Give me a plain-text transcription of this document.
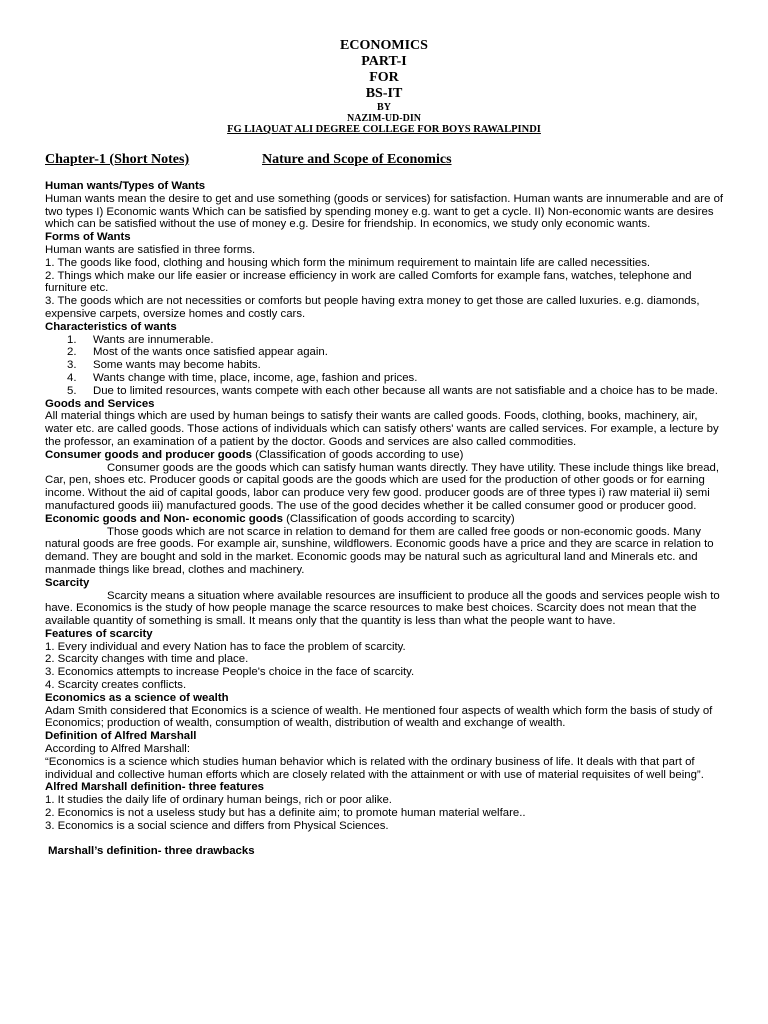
ECONOMICS
PART-I
FOR
BS-IT
BY
NAZIM-UD-DIN
FG LIAQUAT ALI DEGREE COLLEGE FOR BOYS RAWALPINDI
Chapter-1 (Short Notes)	Nature and Scope of Economics

Human wants/Types of Wants

Human wants mean the desire to get and use something (goods or services) for satisfaction. Human wants are innumerable and are of two types I) Economic wants Which can be satisfied by spending money e.g. want to get a cycle. II) Non-economic wants are desires which can be satisfied without the use of money e.g. Desire for friendship. In economics, we study only economic wants.

Forms of Wants

Human wants are satisfied in three forms.

1. The goods like food, clothing and housing which form the minimum requirement to maintain life are called necessities.

2. Things which make our life easier or increase efficiency in work are called Comforts for example fans, watches, telephone and furniture etc.

3. The goods which are not necessities or comforts but people having extra money to get those are called luxuries. e.g. diamonds, expensive carpets, oversize homes and costly cars.

Characteristics of wants

1. Wants are innumerable.
2. Most of the wants once satisfied appear again.
3. Some wants may become habits.
4. Wants change with time, place, income, age, fashion and prices.
5. Due to limited resources, wants compete with each other because all wants are not satisfiable and a choice has to be made.

Goods and Services

All material things which are used by human beings to satisfy their wants are called goods. Foods, clothing, books, machinery, air, water etc. are called goods. Those actions of individuals which can satisfy others' wants are called services. For example, a lecture by the professor, an examination of a patient by the doctor. Goods and services are also called commodities.

Consumer goods and producer goods (Classification of goods according to use)

Consumer goods are the goods which can satisfy human wants directly. They have utility. These include things like bread, Car, pen, shoes etc. Producer goods or capital goods are the goods which are used for the production of other goods or for earning income. Without the aid of capital goods, labor can produce very few good. producer goods are of three types i) raw material ii) semi manufactured goods iii) manufactured goods. The use of the good decides whether it be called consumer good or producer good.

Economic goods and Non- economic goods (Classification of goods according to scarcity)

Those goods which are not scarce in relation to demand for them are called free goods or non-economic goods. Many natural goods are free goods. For example air, sunshine, wildflowers. Economic goods have a price and they are scarce in relation to demand. They are bought and sold in the market. Economic goods may be natural such as agricultural land and Minerals etc. and manmade things like bread, clothes and machinery.

Scarcity

Scarcity means a situation where available resources are insufficient to produce all the goods and services people wish to have. Economics is the study of how people manage the scarce resources to make best choices. Scarcity does not mean that the available quantity of something is small. It means only that the quantity is less than what the people want to have.

Features of scarcity

1. Every individual and every Nation has to face the problem of scarcity.

2. Scarcity changes with time and place.

3. Economics attempts to increase People's choice in the face of scarcity.

4. Scarcity creates conflicts.

Economics as a science of wealth

Adam Smith considered that Economics is a science of wealth. He mentioned four aspects of wealth which form the basis of study of Economics; production of wealth, consumption of wealth, distribution of wealth and exchange of wealth.

Definition of Alfred Marshall

According to Alfred Marshall:

“Economics is a science which studies human behavior which is related with the ordinary business of life. It deals with that part of individual and collective human efforts which are closely related with the attainment or with use of material requisites of well being”.

Alfred Marshall definition- three features

1. It studies the daily life of ordinary human beings, rich or poor alike.

2. Economics is not a useless study but has a definite aim; to promote human material welfare..

3. Economics is a social science and differs from Physical Sciences.

Marshall’s definition- three drawbacks
